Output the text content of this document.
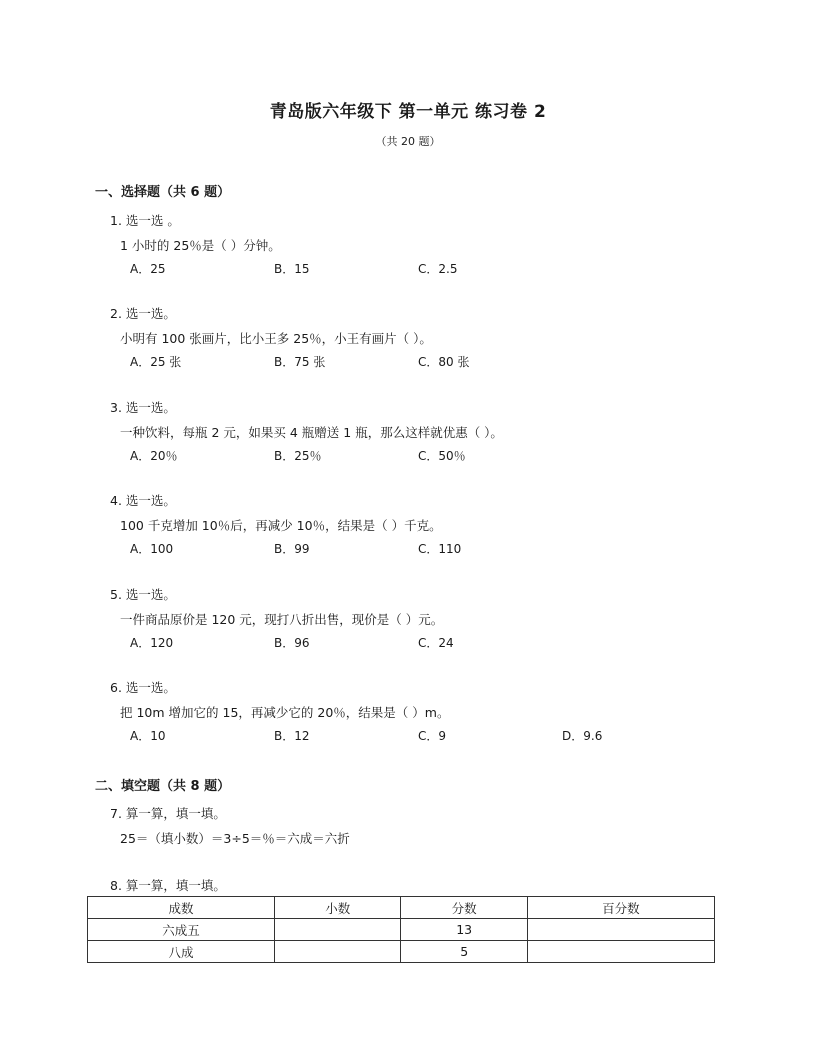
青岛版六年级下 第一单元 练习卷 2
（共 20 题）
一、选择题（共 6 题）
1. 选一选 。
1 小时的 25％是（ ）分钟。
A．25	B．15	C．2.5
2. 选一选。
小明有 100 张画片，比小王多 25％，小王有画片（ ）。
A．25 张	B．75 张	C．80 张
3. 选一选。
一种饮料，每瓶 2 元，如果买 4 瓶赠送 1 瓶，那么这样就优惠（ ）。
A．20％	B．25％	C．50％
4. 选一选。
100 千克增加 10％后，再减少 10％，结果是（ ）千克。
A．100	B．99	C．110
5. 选一选。
一件商品原价是 120 元，现打八折出售，现价是（ ）元。
A．120	B．96	C．24
6. 选一选。
把 10m 增加它的 15，再减少它的 20％，结果是（ ）m。
A．10	B．12	C．9	D．9.6
二、填空题（共 8 题）
7. 算一算，填一填。
25＝（填小数）＝3÷5＝％＝六成＝六折
8. 算一算，填一填。
成数	小数	分数	百分数
六成五		13	
八成		5	
